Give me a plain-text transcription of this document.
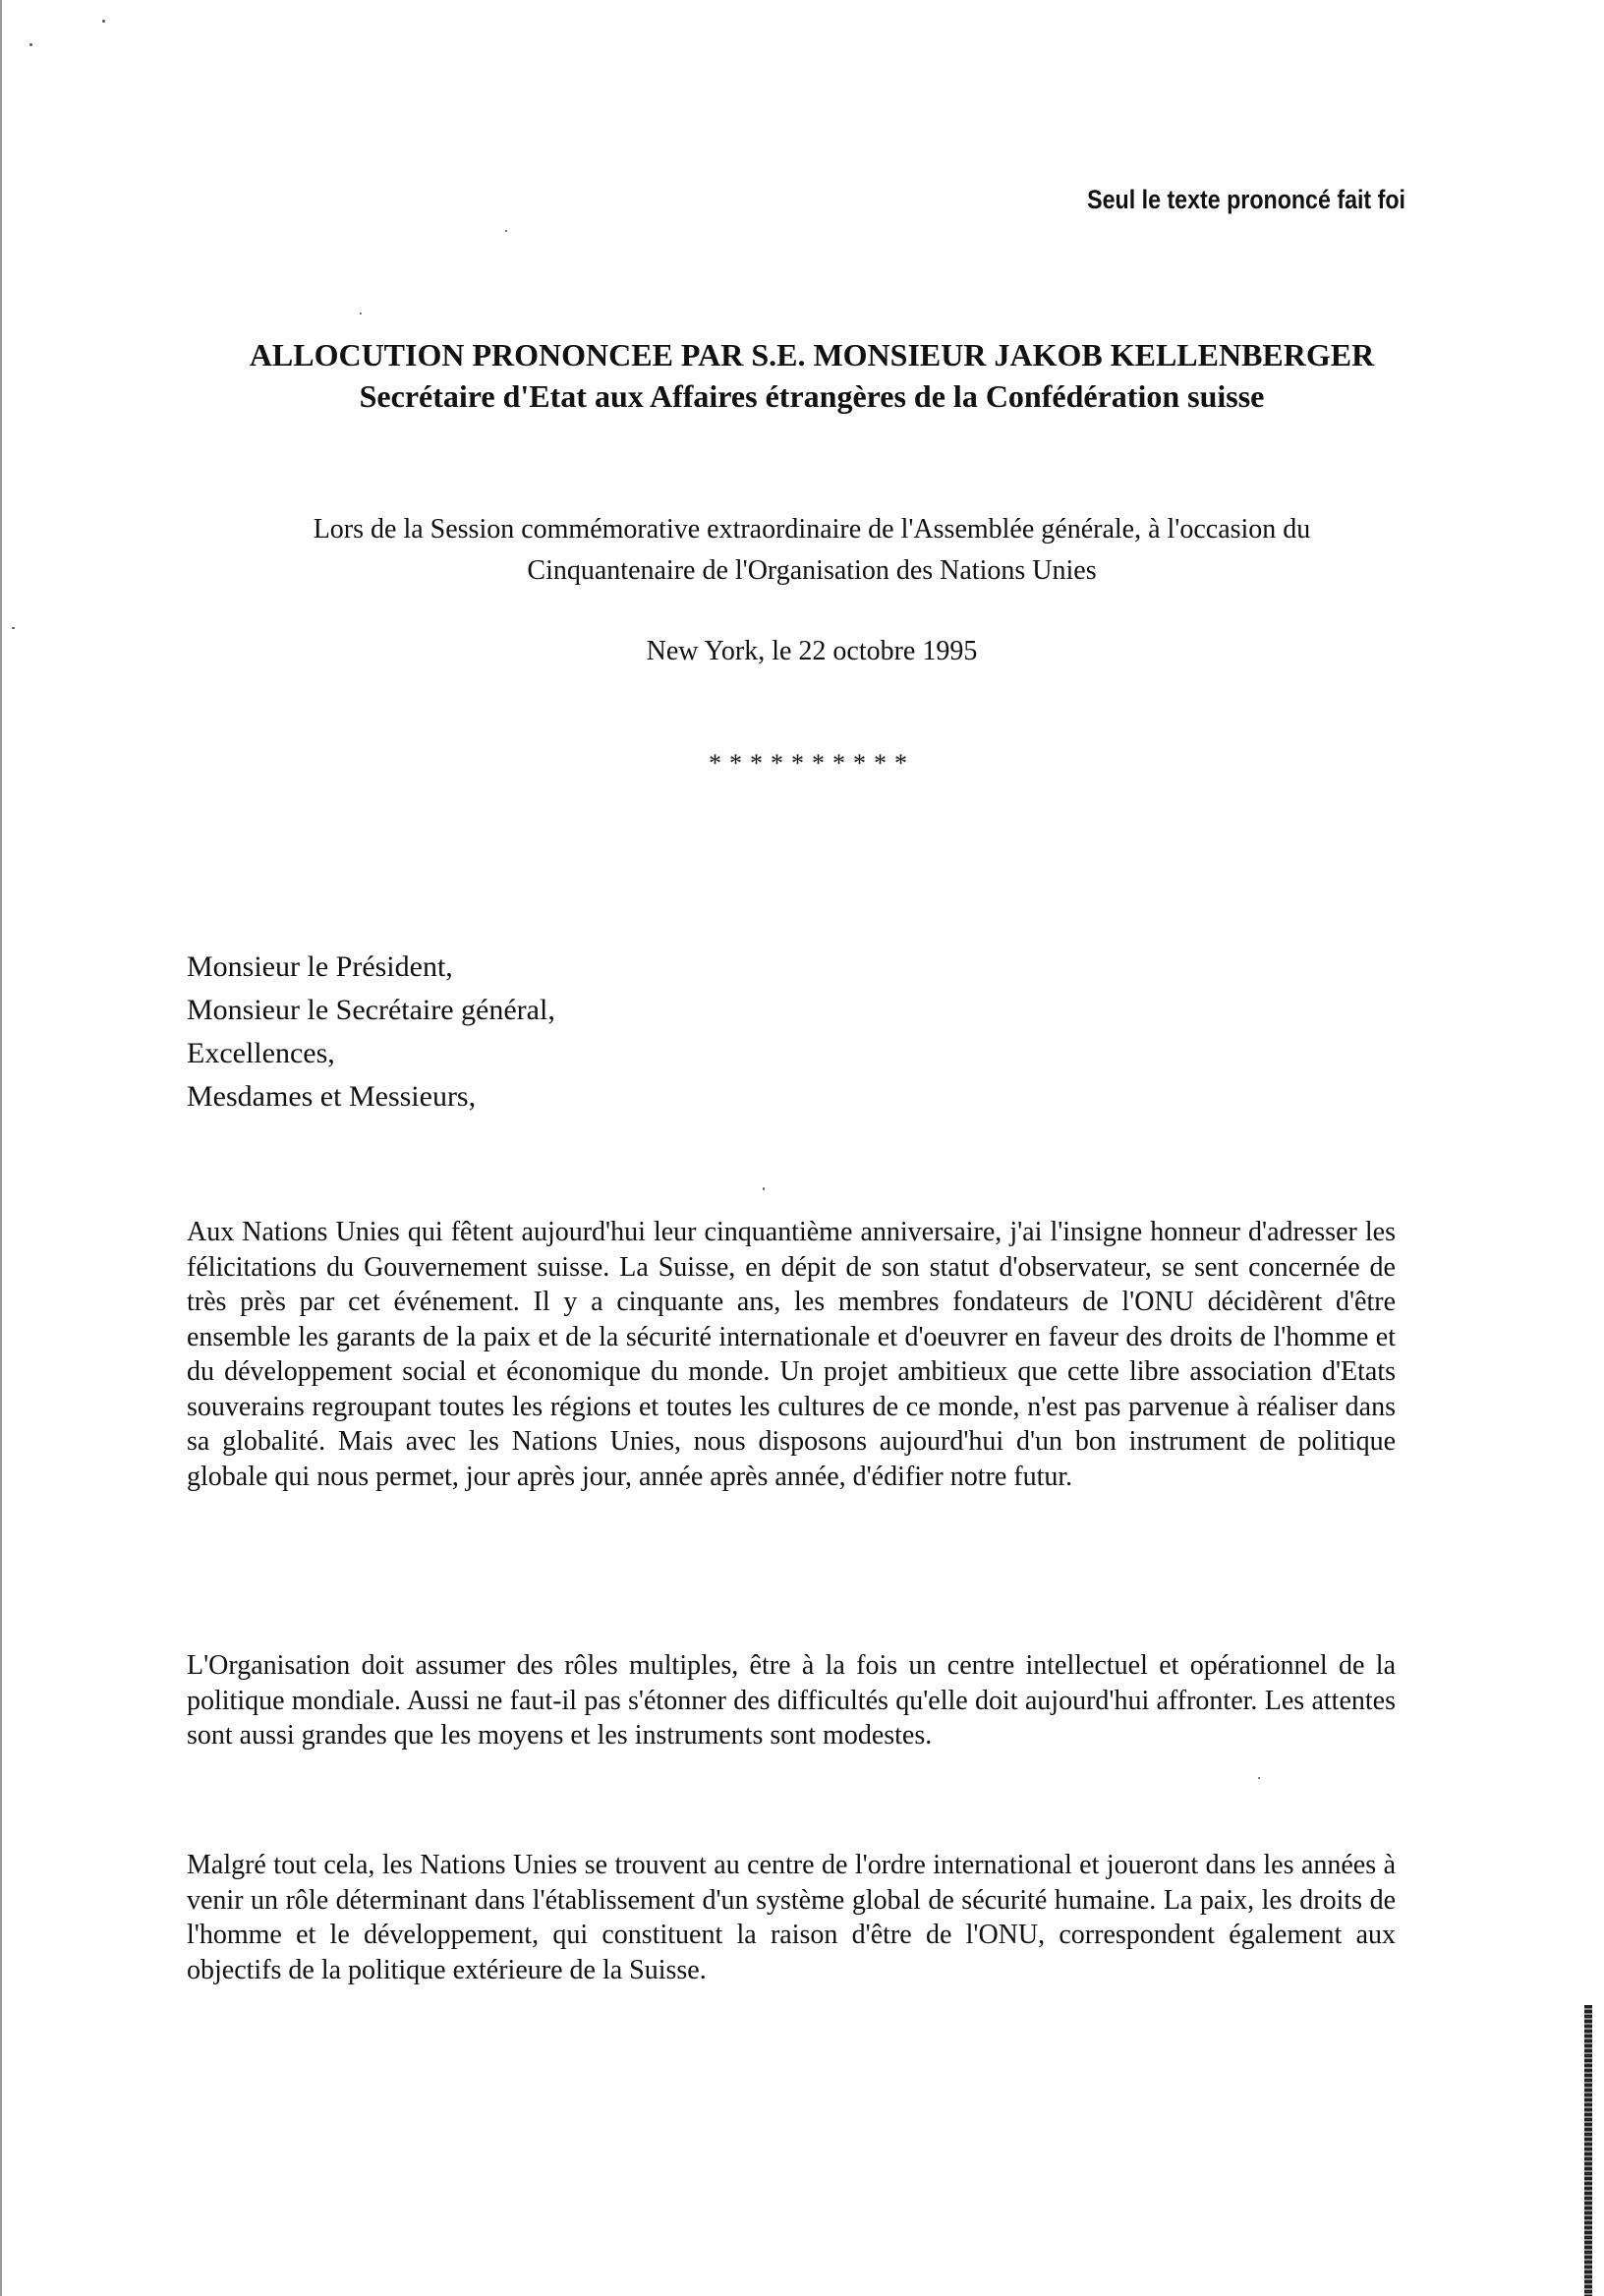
Seul le texte prononcé fait foi
ALLOCUTION PRONONCEE PAR S.E. MONSIEUR JAKOB KELLENBERGER
Secrétaire d'Etat aux Affaires étrangères de la Confédération suisse
Lors de la Session commémorative extraordinaire de l'Assemblée générale, à l'occasion du
Cinquantenaire de l'Organisation des Nations Unies
New York, le 22 octobre 1995
**********
Monsieur le Président,
Monsieur le Secrétaire général,
Excellences,
Mesdames et Messieurs,

Aux Nations Unies qui fêtent aujourd'hui leur cinquantième anniversaire, j'ai l'insigne honneur d'adresser les félicitations du Gouvernement suisse. La Suisse, en dépit de son statut d'observateur, se sent concernée de très près par cet événement. Il y a cinquante ans, les membres fondateurs de l'ONU décidèrent d'être ensemble les garants de la paix et de la sécurité internationale et d'oeuvrer en faveur des droits de l'homme et du développement social et économique du monde. Un projet ambitieux que cette libre association d'Etats souverains regroupant toutes les régions et toutes les cultures de ce monde, n'est pas parvenue à réaliser dans sa globalité. Mais avec les Nations Unies, nous disposons aujourd'hui d'un bon instrument de politique globale qui nous permet, jour après jour, année après année, d'édifier notre futur.

L'Organisation doit assumer des rôles multiples, être à la fois un centre intellectuel et opérationnel de la politique mondiale. Aussi ne faut-il pas s'étonner des difficultés qu'elle doit aujourd'hui affronter. Les attentes sont aussi grandes que les moyens et les instruments sont modestes.

Malgré tout cela, les Nations Unies se trouvent au centre de l'ordre international et joueront dans les années à venir un rôle déterminant dans l'établissement d'un système global de sécurité humaine. La paix, les droits de l'homme et le développement, qui constituent la raison d'être de l'ONU, correspondent également aux objectifs de la politique extérieure de la Suisse.
